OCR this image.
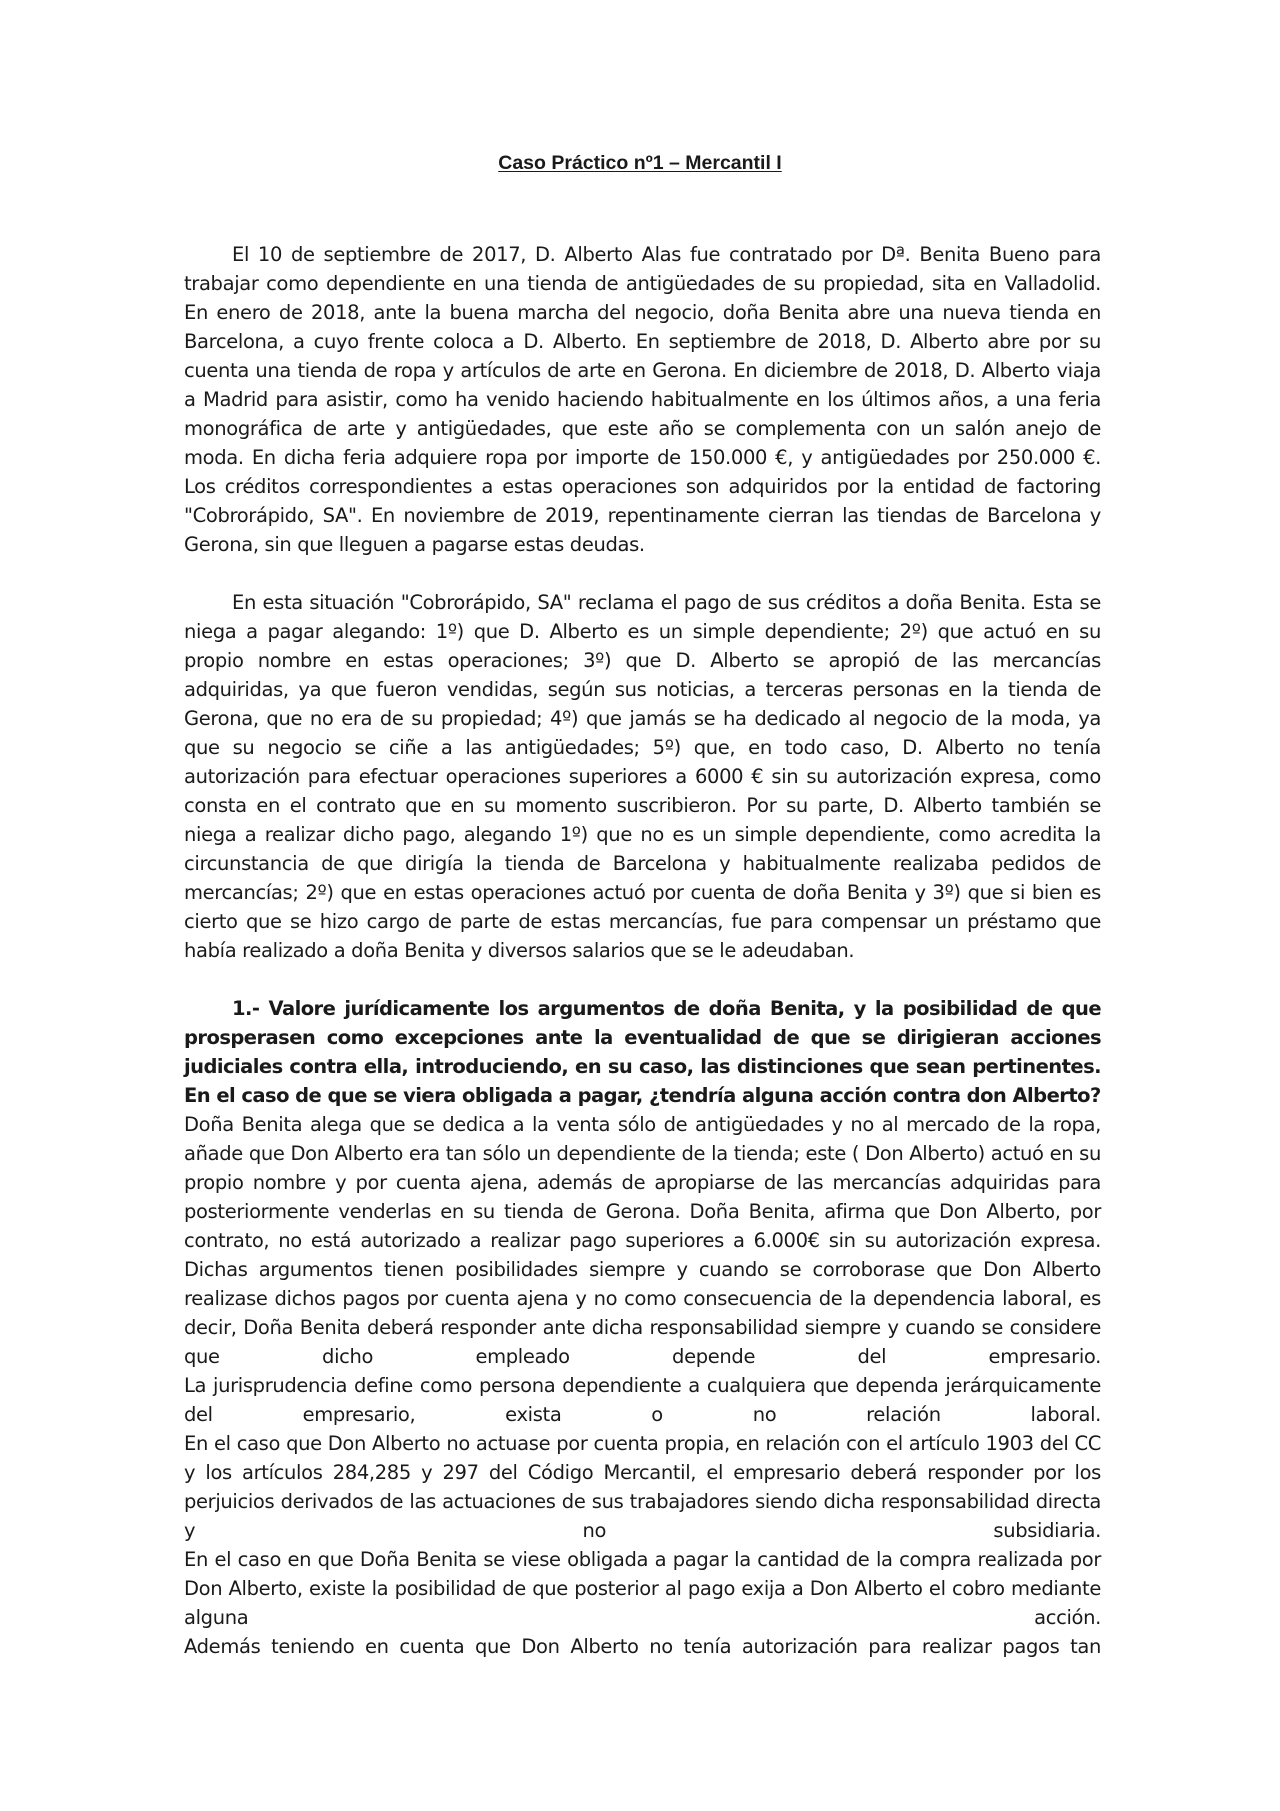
Caso Práctico nº1 – Mercantil I

El 10 de septiembre de 2017, D. Alberto Alas fue contratado por Dª. Benita Bueno para trabajar como dependiente en una tienda de antigüedades de su propiedad, sita en Valladolid. En enero de 2018, ante la buena marcha del negocio, doña Benita abre una nueva tienda en Barcelona, a cuyo frente coloca a D. Alberto. En septiembre de 2018, D. Alberto abre por su cuenta una tienda de ropa y artículos de arte en Gerona. En diciembre de 2018, D. Alberto viaja a Madrid para asistir, como ha venido haciendo habitualmente en los últimos años, a una feria monográfica de arte y antigüedades, que este año se complementa con un salón anejo de moda. En dicha feria adquiere ropa por importe de 150.000 €, y antigüedades por 250.000 €. Los créditos correspondientes a estas operaciones son adquiridos por la entidad de factoring "Cobrorápido, SA". En noviembre de 2019, repentinamente cierran las tiendas de Barcelona y Gerona, sin que lleguen a pagarse estas deudas.

En esta situación "Cobrorápido, SA" reclama el pago de sus créditos a doña Benita. Esta se niega a pagar alegando: 1º) que D. Alberto es un simple dependiente; 2º) que actuó en su propio nombre en estas operaciones; 3º) que D. Alberto se apropió de las mercancías adquiridas, ya que fueron vendidas, según sus noticias, a terceras personas en la tienda de Gerona, que no era de su propiedad; 4º) que jamás se ha dedicado al negocio de la moda, ya que su negocio se ciñe a las antigüedades; 5º) que, en todo caso, D. Alberto no tenía autorización para efectuar operaciones superiores a 6000 € sin su autorización expresa, como consta en el contrato que en su momento suscribieron. Por su parte, D. Alberto también se niega a realizar dicho pago, alegando 1º) que no es un simple dependiente, como acredita la circunstancia de que dirigía la tienda de Barcelona y habitualmente realizaba pedidos de mercancías; 2º) que en estas operaciones actuó por cuenta de doña Benita y 3º) que si bien es cierto que se hizo cargo de parte de estas mercancías, fue para compensar un préstamo que había realizado a doña Benita y diversos salarios que se le adeudaban.

1.- Valore jurídicamente los argumentos de doña Benita, y la posibilidad de que prosperasen como excepciones ante la eventualidad de que se dirigieran acciones judiciales contra ella, introduciendo, en su caso, las distinciones que sean pertinentes. En el caso de que se viera obligada a pagar, ¿tendría alguna acción contra don Alberto?

Doña Benita alega que se dedica a la venta sólo de antigüedades y no al mercado de la ropa, añade que Don Alberto era tan sólo un dependiente de la tienda; este ( Don Alberto) actuó en su propio nombre y por cuenta ajena, además de apropiarse de las mercancías adquiridas para posteriormente venderlas en su tienda de Gerona. Doña Benita, afirma que Don Alberto, por contrato, no está autorizado a realizar pago superiores a 6.000€ sin su autorización expresa.

Dichas argumentos tienen posibilidades siempre y cuando se corroborase que Don Alberto realizase dichos pagos por cuenta ajena y no como consecuencia de la dependencia laboral, es decir, Doña Benita deberá responder ante dicha responsabilidad siempre y cuando se considere que dicho empleado depende del empresario.

La jurisprudencia define como persona dependiente a cualquiera que dependa jerárquicamente del empresario, exista o no relación laboral.

En el caso que Don Alberto no actuase por cuenta propia, en relación con el artículo 1903 del CC y los artículos 284,285 y 297 del Código Mercantil, el empresario deberá responder por los perjuicios derivados de las actuaciones de sus trabajadores siendo dicha responsabilidad directa y no subsidiaria.

En el caso en que Doña Benita se viese obligada a pagar la cantidad de la compra realizada por Don Alberto, existe la posibilidad de que posterior al pago exija a Don Alberto el cobro mediante alguna acción.

Además teniendo en cuenta que Don Alberto no tenía autorización para realizar pagos tan
